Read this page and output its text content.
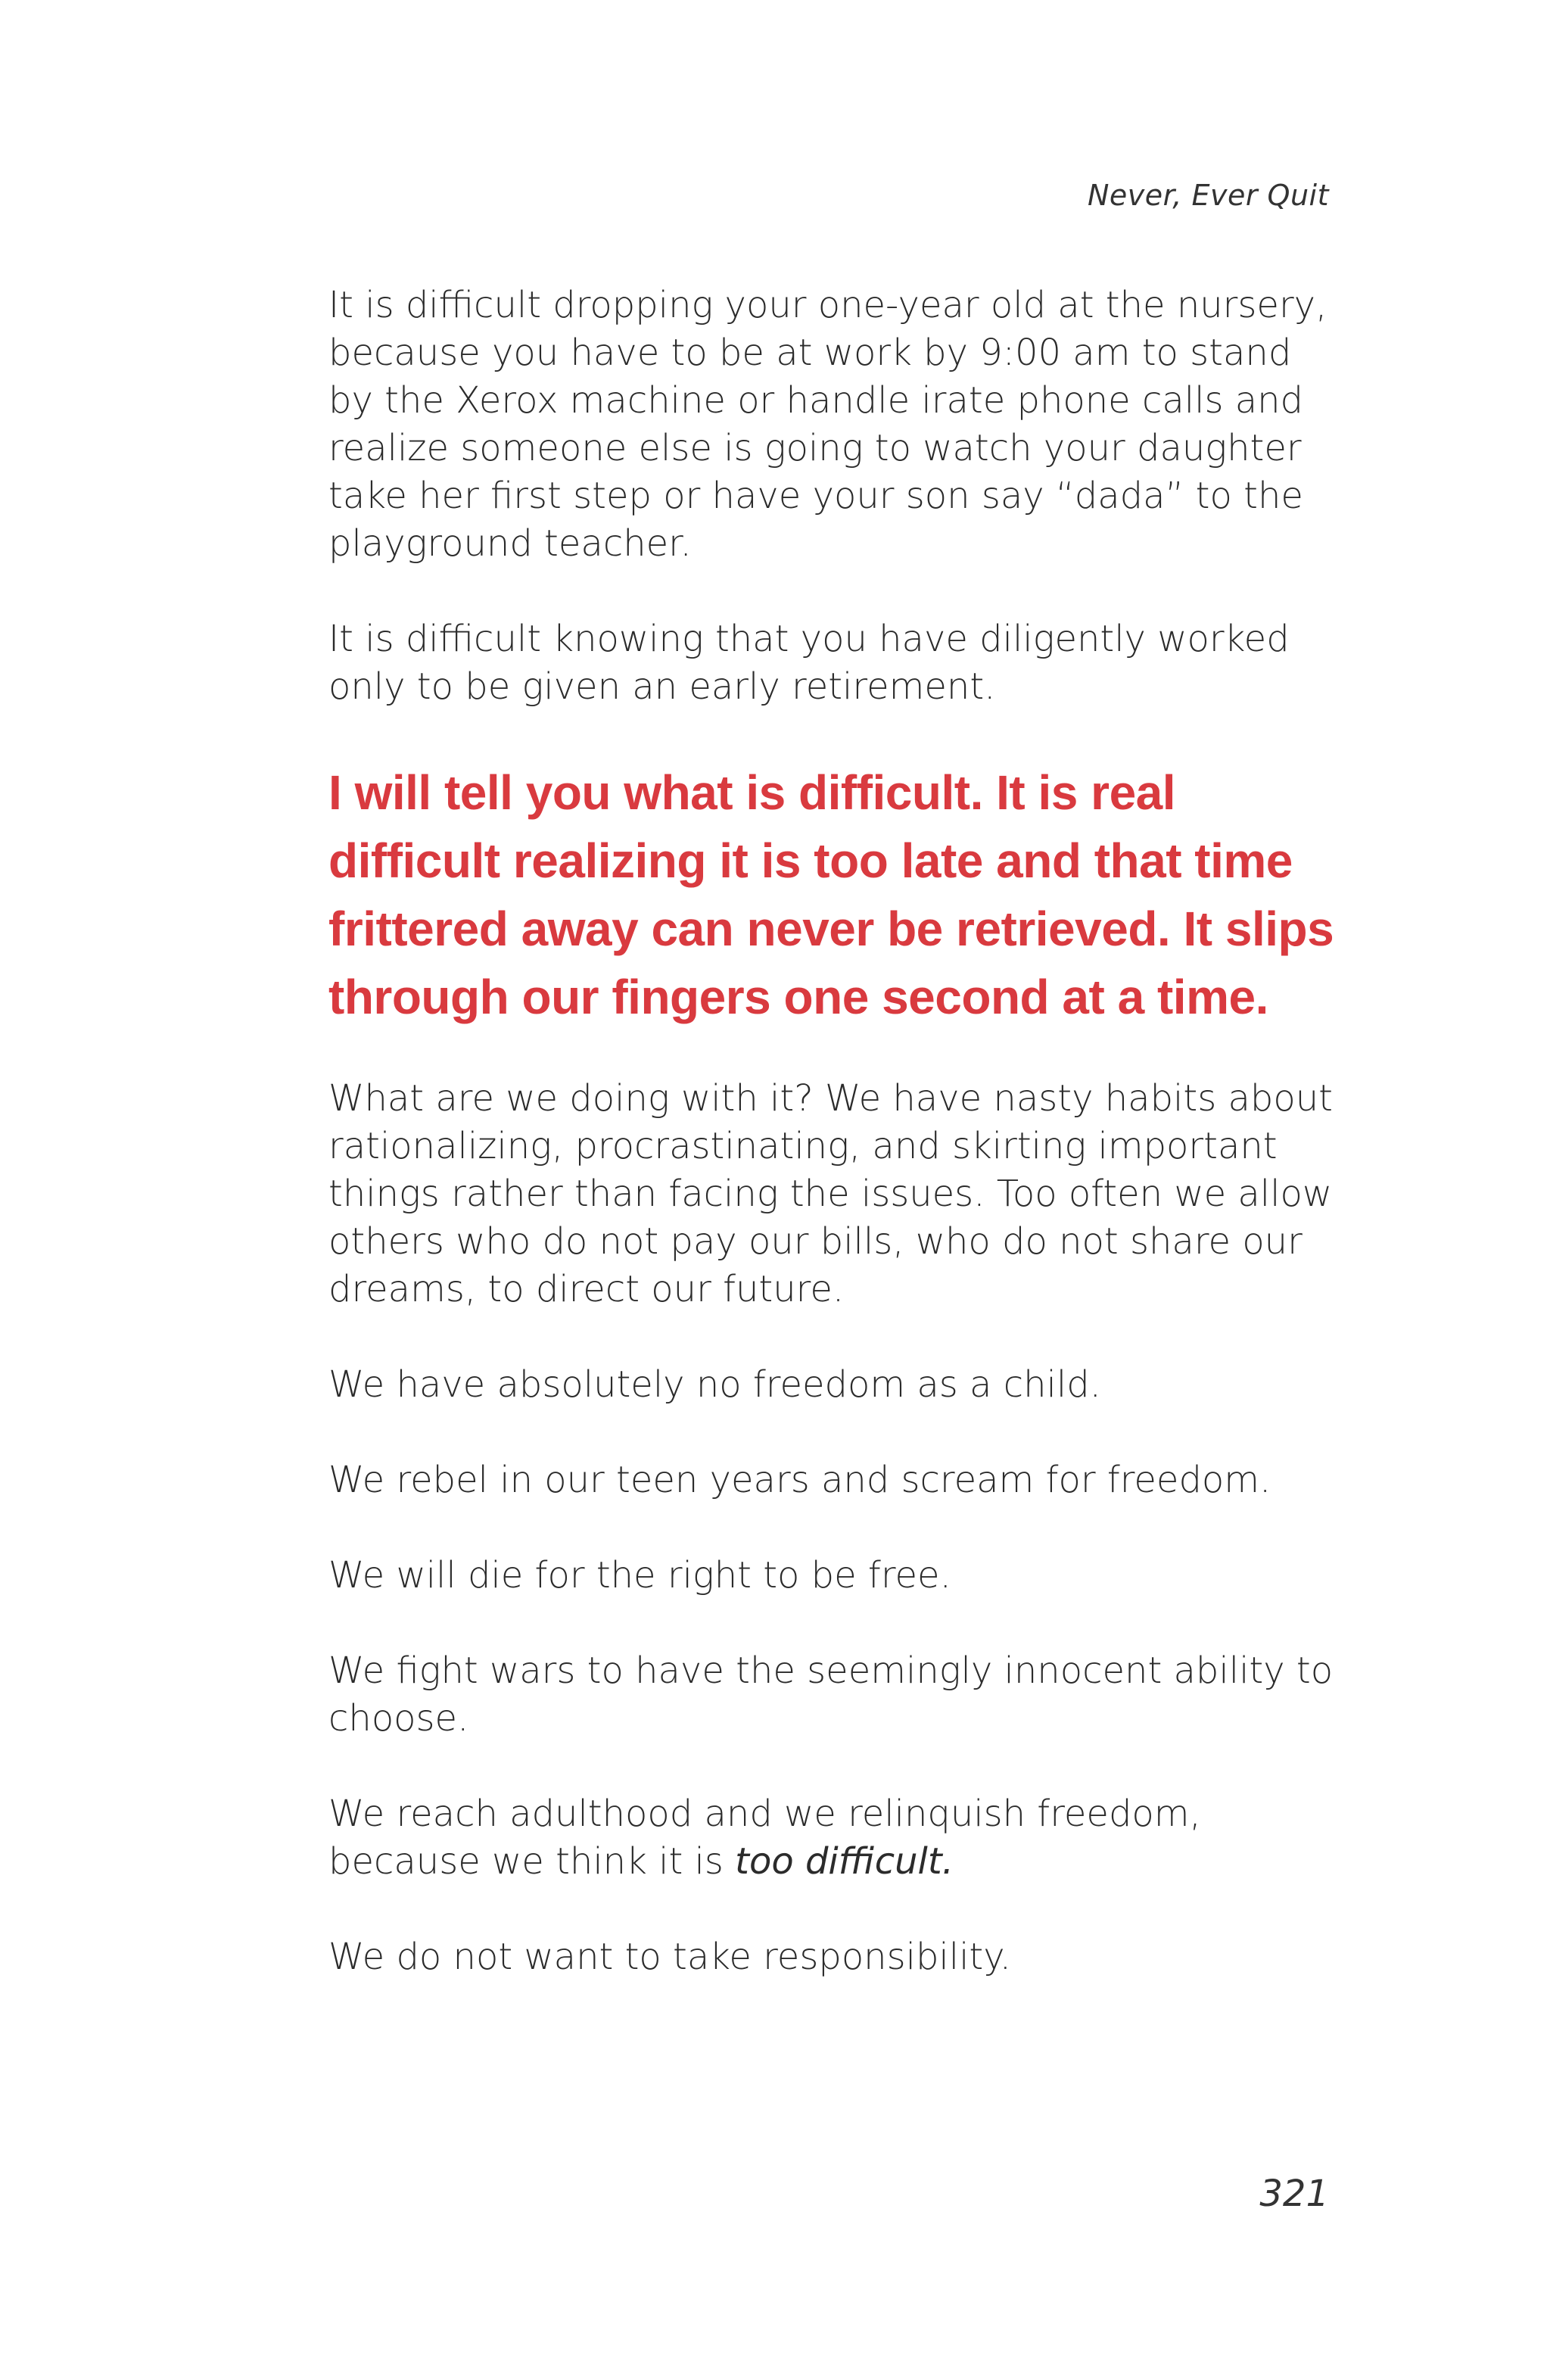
Never, Ever Quit

It is difficult dropping your one-year old at the nursery, because you have to be at work by 9:00 am to stand by the Xerox machine or handle irate phone calls and realize someone else is going to watch your daughter take her first step or have your son say “dada” to the playground teacher.

It is difficult knowing that you have diligently worked only to be given an early retirement.

I will tell you what is difficult. It is real difficult realizing it is too late and that time frittered away can never be retrieved. It slips through our fingers one second at a time.

What are we doing with it? We have nasty habits about rationalizing, procrastinating, and skirting important things rather than facing the issues. Too often we allow others who do not pay our bills, who do not share our dreams, to direct our future.

We have absolutely no freedom as a child.

We rebel in our teen years and scream for freedom.

We will die for the right to be free.

We fight wars to have the seemingly innocent ability to choose.

We reach adulthood and we relinquish freedom, because we think it is too difficult.

We do not want to take responsibility.

321
